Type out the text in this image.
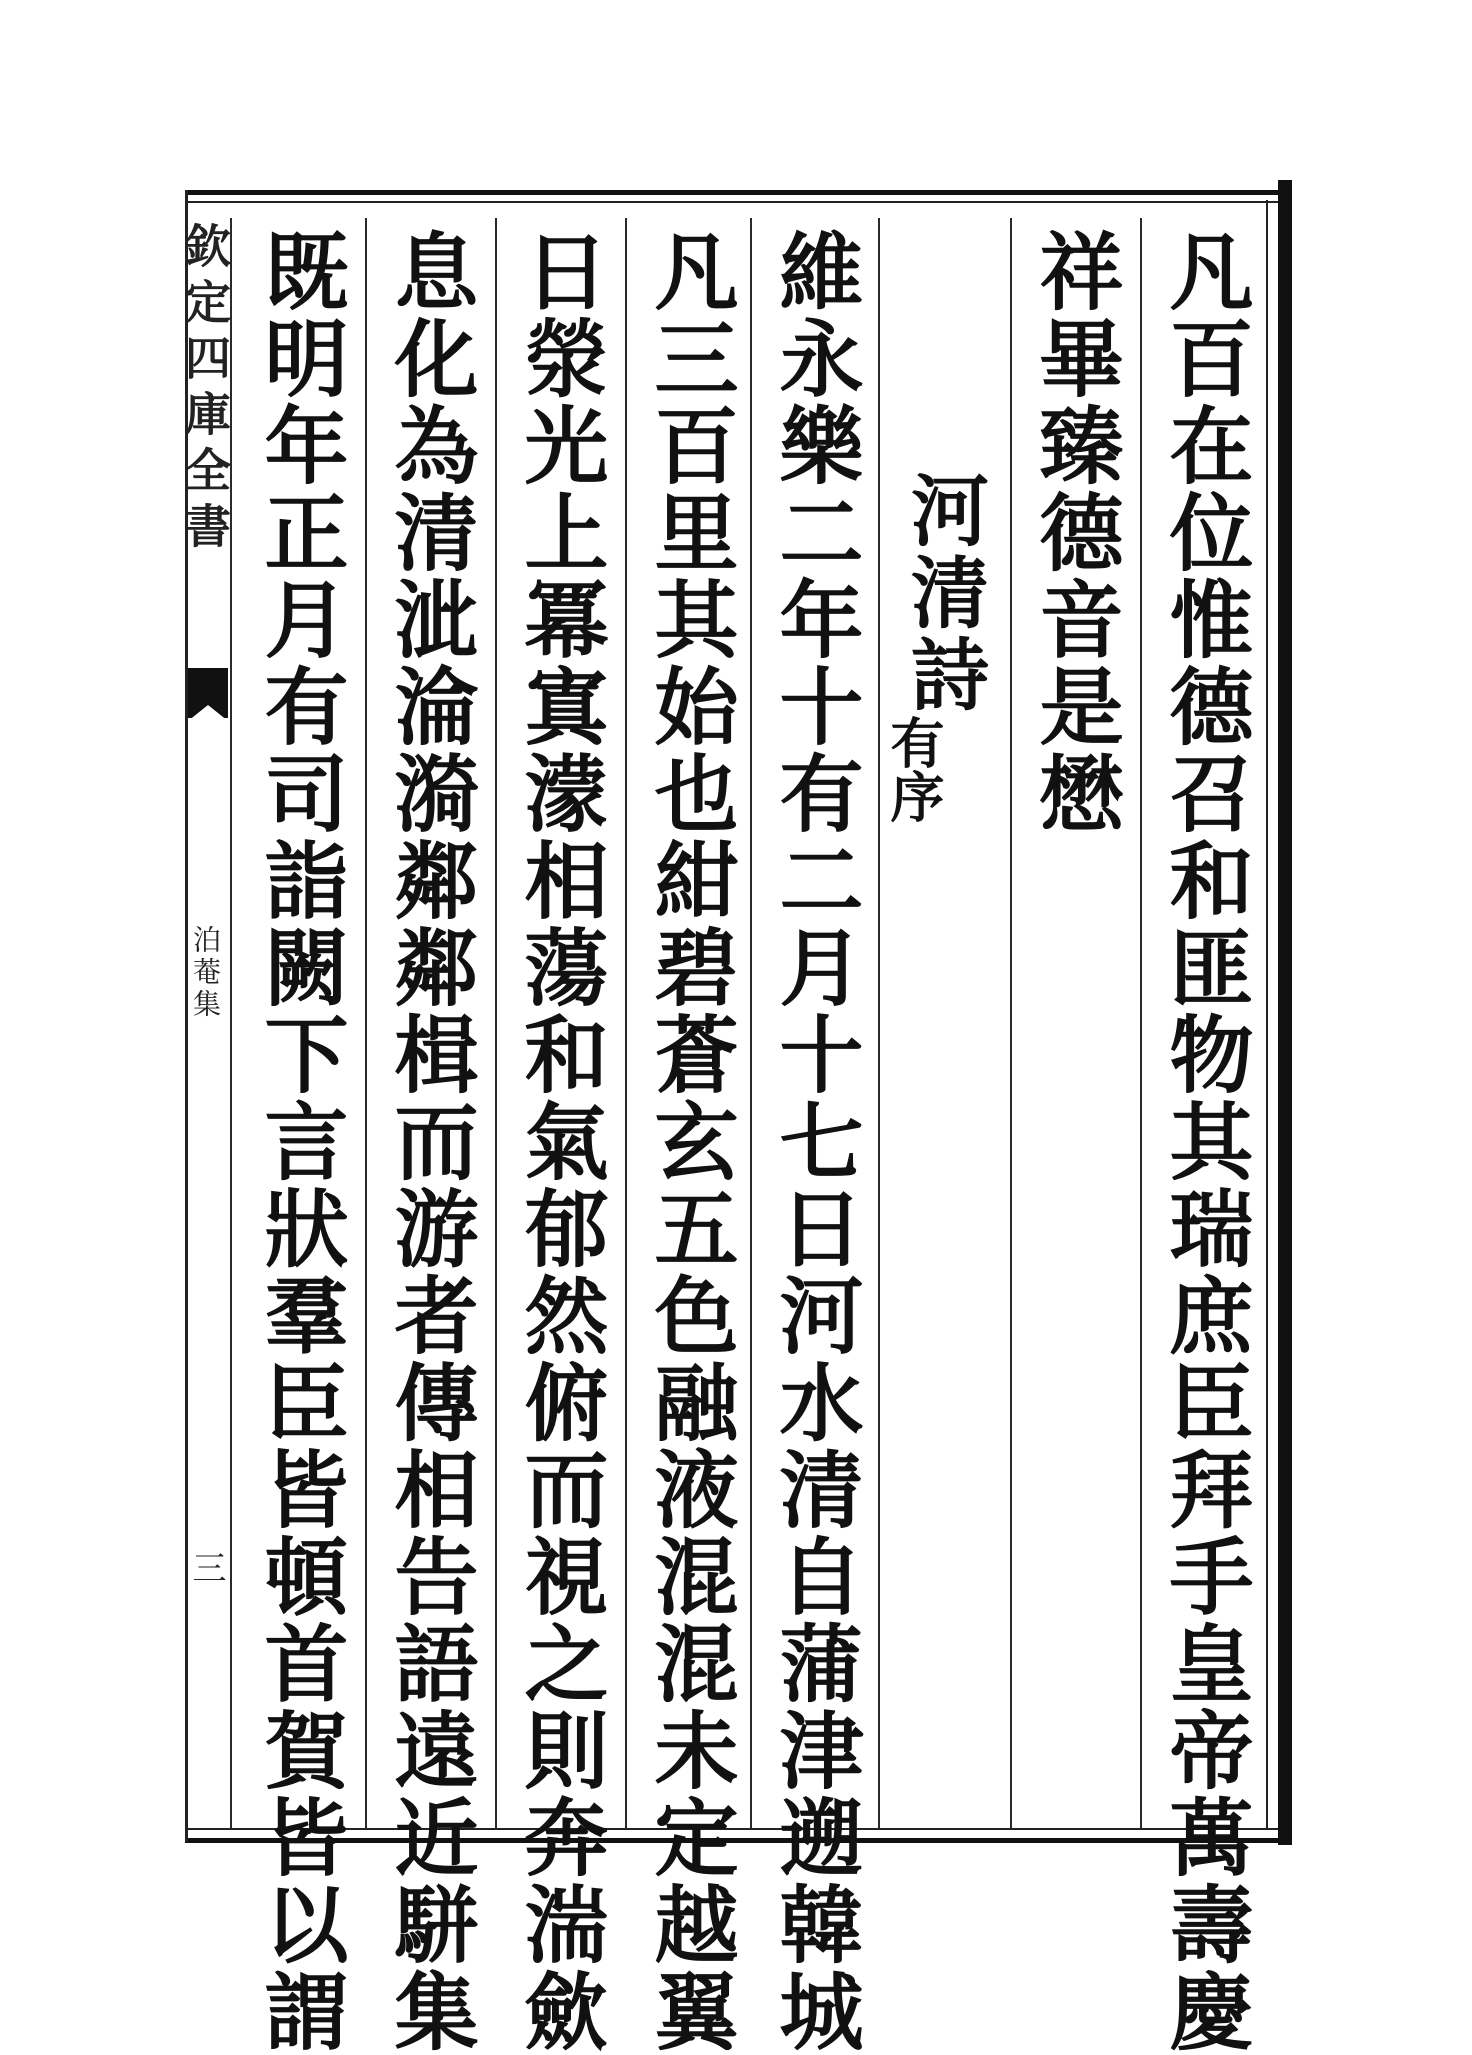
欽定四庫全書
泊菴集
三	凡百在位惟德召和匪物其瑞庶臣拜手皇帝萬壽慶
祥畢臻德音是懋
河清詩
有序
維永樂二年十有二月十七日河水清自蒲津遡韓城
凡三百里其始也紺碧蒼玄五色融液混混未定越翼
日滎光上冪寘濛相蕩和氣郁然俯而視之則奔湍歛
息化為清泚淪漪鄰鄰楫而游者傳相告語遠近駢集
既明年正月有司詣闕下言狀羣臣皆頓首賀皆以謂
